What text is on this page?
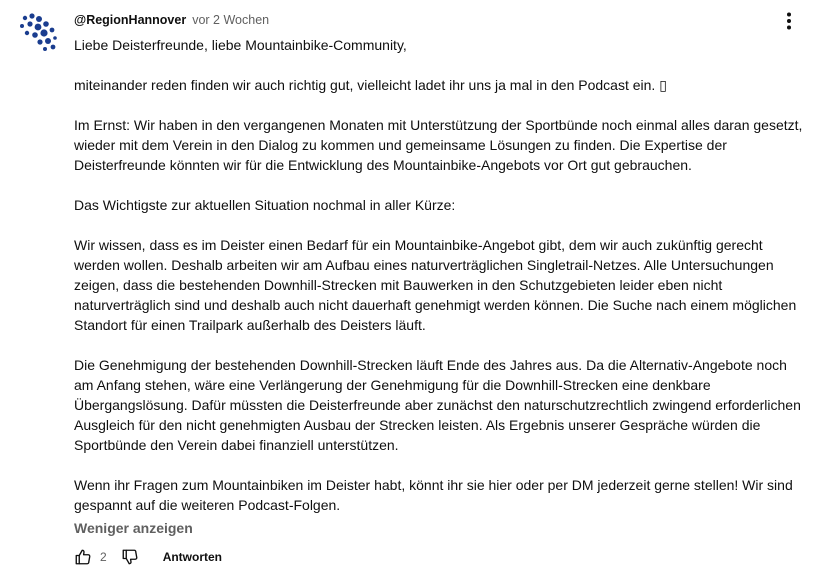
@RegionHannover vor 2 Wochen

Liebe Deisterfreunde, liebe Mountainbike-Community,

miteinander reden finden wir auch richtig gut, vielleicht ladet ihr uns ja mal in den Podcast ein. ▯

Im Ernst: Wir haben in den vergangenen Monaten mit Unterstützung der Sportbünde noch einmal alles daran gesetzt, wieder mit dem Verein in den Dialog zu kommen und gemeinsame Lösungen zu finden. Die Expertise der Deisterfreunde könnten wir für die Entwicklung des Mountainbike-Angebots vor Ort gut gebrauchen.

Das Wichtigste zur aktuellen Situation nochmal in aller Kürze:

Wir wissen, dass es im Deister einen Bedarf für ein Mountainbike-Angebot gibt, dem wir auch zukünftig gerecht werden wollen. Deshalb arbeiten wir am Aufbau eines naturverträglichen Singletrail-Netzes. Alle Untersuchungen zeigen, dass die bestehenden Downhill-Strecken mit Bauwerken in den Schutzgebieten leider eben nicht naturverträglich sind und deshalb auch nicht dauerhaft genehmigt werden können. Die Suche nach einem möglichen Standort für einen Trailpark außerhalb des Deisters läuft.

Die Genehmigung der bestehenden Downhill-Strecken läuft Ende des Jahres aus. Da die Alternativ-Angebote noch am Anfang stehen, wäre eine Verlängerung der Genehmigung für die Downhill-Strecken eine denkbare Übergangslösung. Dafür müssten die Deisterfreunde aber zunächst den naturschutzrechtlich zwingend erforderlichen Ausgleich für den nicht genehmigten Ausbau der Strecken leisten. Als Ergebnis unserer Gespräche würden die Sportbünde den Verein dabei finanziell unterstützen.

Wenn ihr Fragen zum Mountainbiken im Deister habt, könnt ihr sie hier oder per DM jederzeit gerne stellen! Wir sind gespannt auf die weiteren Podcast-Folgen.

Weniger anzeigen
2	Antworten
